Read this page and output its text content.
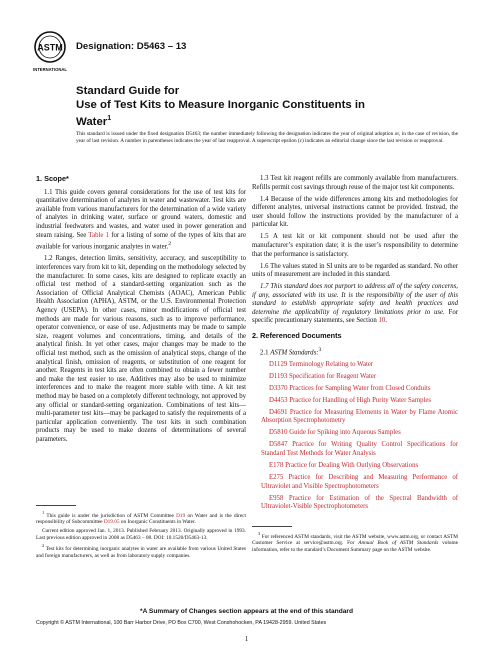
ASTM
INTERNATIONAL
Designation: D5463 – 13
Standard Guide for
Use of Test Kits to Measure Inorganic Constituents in
Water$^1$
This standard is issued under the fixed designation D5463; the number immediately following the designation indicates the year of original adoption or, in the case of revision, the year of last revision. A number in parentheses indicates the year of last reapproval. A superscript epsilon (ε) indicates an editorial change since the last revision or reapproval.
1. Scope*

1.1 This guide covers general considerations for the use of test kits for quantitative determination of analytes in water and wastewater. Test kits are available from various manufacturers for the determination of a wide variety of analytes in drinking water, surface or ground waters, domestic and industrial feedwaters and wastes, and water used in power generation and steam raising. See Table 1 for a listing of some of the types of kits that are available for various inorganic analytes in water.$^2$

1.2 Ranges, detection limits, sensitivity, accuracy, and susceptibility to interferences vary from kit to kit, depending on the methodology selected by the manufacturer. In some cases, kits are designed to replicate exactly an official test method of a standard-setting organization such as the Association of Official Analytical Chemists (AOAC), American Public Health Association (APHA), ASTM, or the U.S. Environmental Protection Agency (USEPA). In other cases, minor modifications of official test methods are made for various reasons, such as to improve performance, operator convenience, or ease of use. Adjustments may be made to sample size, reagent volumes and concentrations, timing, and details of the analytical finish. In yet other cases, major changes may be made to the official test method, such as the omission of analytical steps, change of the analytical finish, omission of reagents, or substitution of one reagent for another. Reagents in test kits are often combined to obtain a fewer number and make the test easier to use. Additives may also be used to minimize interferences and to make the reagent more stable with time. A kit test method may be based on a completely different technology, not approved by any official or standard-setting organization. Combinations of test kits—multi-parameter test kits—may be packaged to satisfy the requirements of a particular application conveniently. The test kits in such combination products may be used to make dozens of determinations of several parameters.

1.3 Test kit reagent refills are commonly available from manufacturers. Refills permit cost savings through reuse of the major test kit components.

1.4 Because of the wide differences among kits and methodologies for different analytes, universal instructions cannot be provided. Instead, the user should follow the instructions provided by the manufacturer of a particular kit.

1.5 A test kit or kit component should not be used after the manufacturer’s expiration date; it is the user’s responsibility to determine that the performance is satisfactory.

1.6 The values stated in SI units are to be regarded as standard. No other units of measurement are included in this standard.

1.7 This standard does not purport to address all of the safety concerns, if any, associated with its use. It is the responsibility of the user of this standard to establish appropriate safety and health practices and determine the applicability of regulatory limitations prior to use. For specific precautionary statements, see Section 10.

2. Referenced Documents

2.1 ASTM Standards:$^3$

D1129 Terminology Relating to Water

D1193 Specification for Reagent Water

D3370 Practices for Sampling Water from Closed Conduits

D4453 Practice for Handling of High Purity Water Samples

D4691 Practice for Measuring Elements in Water by Flame Atomic Absorption Spectrophotometry

D5810 Guide for Spiking into Aqueous Samples

D5847 Practice for Writing Quality Control Specifications for Standard Test Methods for Water Analysis

E178 Practice for Dealing With Outlying Observations

E275 Practice for Describing and Measuring Performance of Ultraviolet and Visible Spectrophotometers

E958 Practice for Estimation of the Spectral Bandwidth of Ultraviolet-Visible Spectrophotometers

$^1$ This guide is under the jurisdiction of ASTM Committee D19 on Water and is the direct responsibility of Subcommittee D19.05 on Inorganic Constituents in Water.

Current edition approved Jan. 1, 2013. Published February 2013. Originally approved in 1993. Last previous edition approved in 2008 as D5463 – 08. DOI: 10.1520/D5463-13.

$^2$ Test kits for determining inorganic analytes in water are available from various United States and foreign manufacturers, as well as from laboratory supply companies.

$^3$ For referenced ASTM standards, visit the ASTM website, www.astm.org, or contact ASTM Customer Service at service@astm.org. For Annual Book of ASTM Standards volume information, refer to the standard’s Document Summary page on the ASTM website.

*A Summary of Changes section appears at the end of this standard
Copyright © ASTM International, 100 Barr Harbor Drive, PO Box C700, West Conshohocken, PA 19428-2959. United States
1
